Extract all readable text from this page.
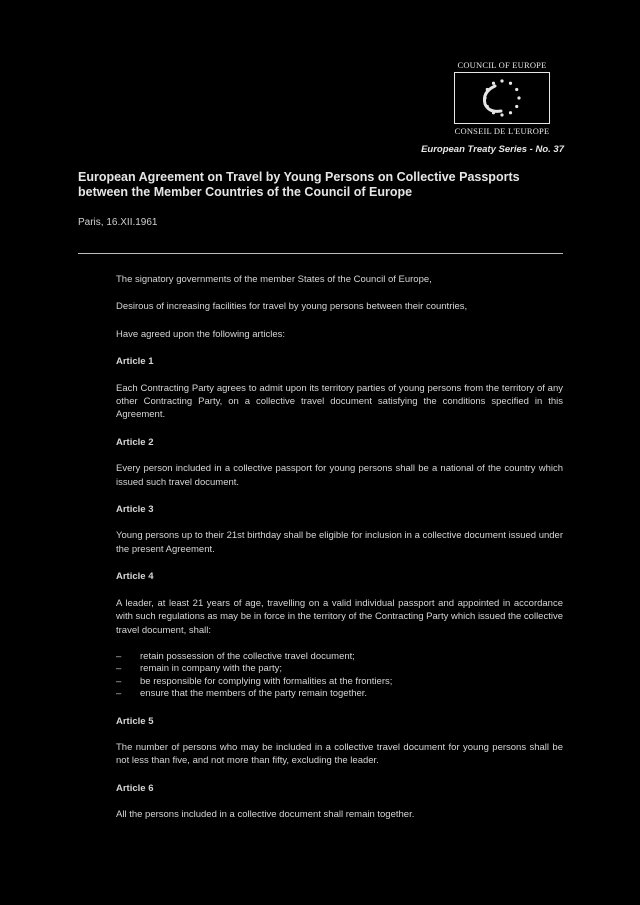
COUNCIL OF EUROPE
CONSEIL DE L'EUROPE
European Treaty Series - No. 37
European Agreement on Travel by Young Persons on Collective Passports between the Member Countries of the Council of Europe
Paris, 16.XII.1961

The signatory governments of the member States of the Council of Europe,

Desirous of increasing facilities for travel by young persons between their countries,

Have agreed upon the following articles:

Article 1

Each Contracting Party agrees to admit upon its territory parties of young persons from the territory of any other Contracting Party, on a collective travel document satisfying the conditions specified in this Agreement.

Article 2

Every person included in a collective passport for young persons shall be a national of the country which issued such travel document.

Article 3

Young persons up to their 21st birthday shall be eligible for inclusion in a collective document issued under the present Agreement.

Article 4

A leader, at least 21 years of age, travelling on a valid individual passport and appointed in accordance with such regulations as may be in force in the territory of the Contracting Party which issued the collective travel document, shall:

–	retain possession of the collective travel document;
–	remain in company with the party;
–	be responsible for complying with formalities at the frontiers;
–	ensure that the members of the party remain together.
Article 5

The number of persons who may be included in a collective travel document for young persons shall be not less than five, and not more than fifty, excluding the leader.

Article 6

All the persons included in a collective document shall remain together.
